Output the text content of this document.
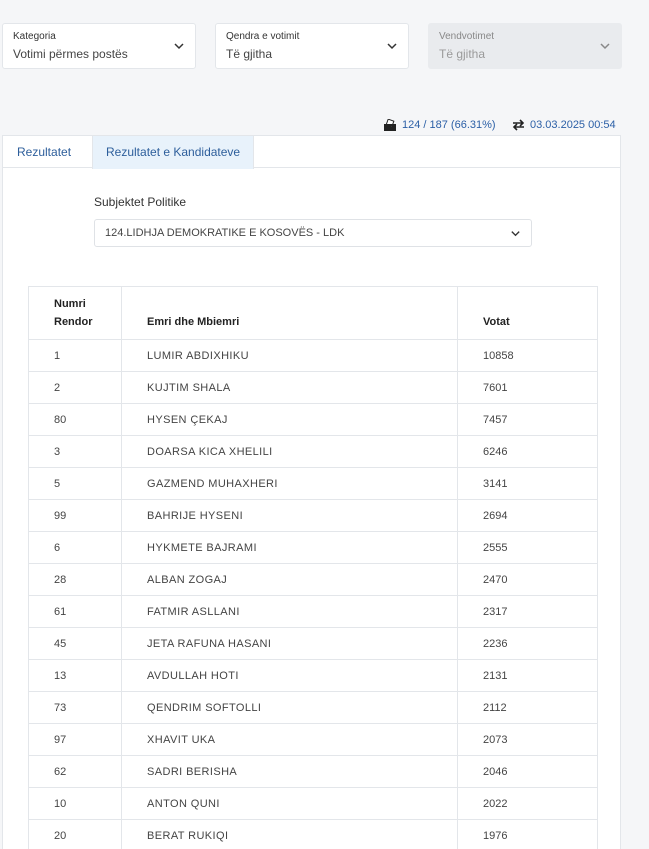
Kategoria
Votimi përmes postës
Qendra e votimit
Të gjitha
Vendvotimet
Të gjitha
124 / 187 (66.31%)	03.03.2025 00:54
Rezultatet	Rezultatet e Kandidateve
Subjektet Politike
124.LIDHJA DEMOKRATIKE E KOSOVËS - LDK
Numri
Rendor	Emri dhe Mbiemri	Votat
1	LUMIR ABDIXHIKU	10858
2	KUJTIM SHALA	7601
80	HYSEN ÇEKAJ	7457
3	DOARSA KICA XHELILI	6246
5	GAZMEND MUHAXHERI	3141
99	BAHRIJE HYSENI	2694
6	HYKMETE BAJRAMI	2555
28	ALBAN ZOGAJ	2470
61	FATMIR ASLLANI	2317
45	JETA RAFUNA HASANI	2236
13	AVDULLAH HOTI	2131
73	QENDRIM SOFTOLLI	2112
97	XHAVIT UKA	2073
62	SADRI BERISHA	2046
10	ANTON QUNI	2022
20	BERAT RUKIQI	1976
